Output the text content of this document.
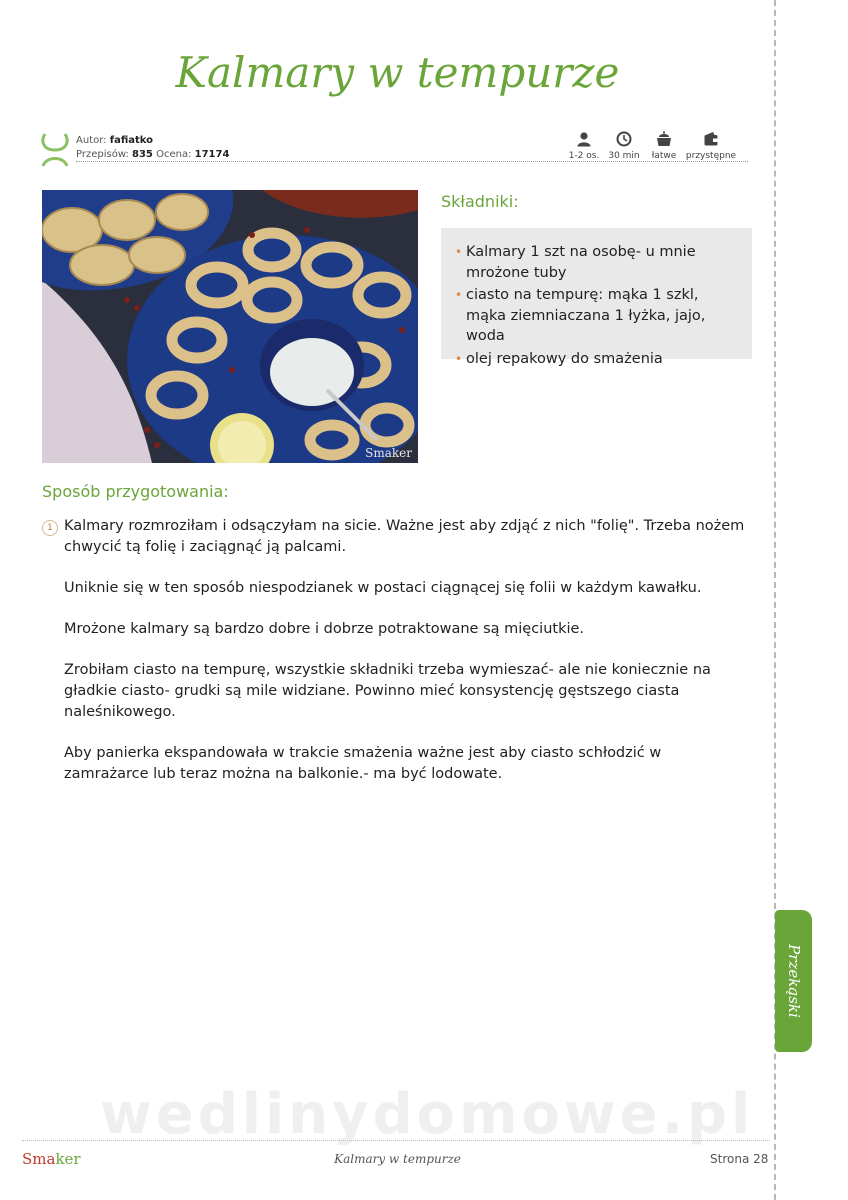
Kalmary w tempurze
Autor: fafiatko
Przepisów: 835 Ocena: 17174	1-2 os.	30 min	łatwe	przystępne
Smaker
Składniki:
• Kalmary 1 szt na osobę- u mnie mrożone tuby
• ciasto na tempurę: mąka 1 szkl, mąka ziemniaczana 1 łyżka, jajo, woda
• olej repakowy do smażenia
Sposób przygotowania:
1 Kalmary rozmroziłam i odsączyłam na sicie. Ważne jest aby zdjąć z nich "folię". Trzeba nożem chwycić tą folię i zaciągnąć ją palcami.

Uniknie się w ten sposób niespodzianek w postaci ciągnącej się folii w każdym kawałku.

Mrożone kalmary są bardzo dobre i dobrze potraktowane są mięciutkie.

Zrobiłam ciasto na tempurę, wszystkie składniki trzeba wymieszać- ale nie koniecznie na gładkie ciasto- grudki są mile widziane. Powinno mieć konsystencję gęstszego ciasta naleśnikowego.

Aby panierka ekspandowała w trakcie smażenia ważne jest aby ciasto schłodzić w zamrażarce lub teraz można na balkonie.- ma być lodowate.

Przekąski
wedlinydomowe.pl
Smaker	Kalmary w tempurze	Strona 28
